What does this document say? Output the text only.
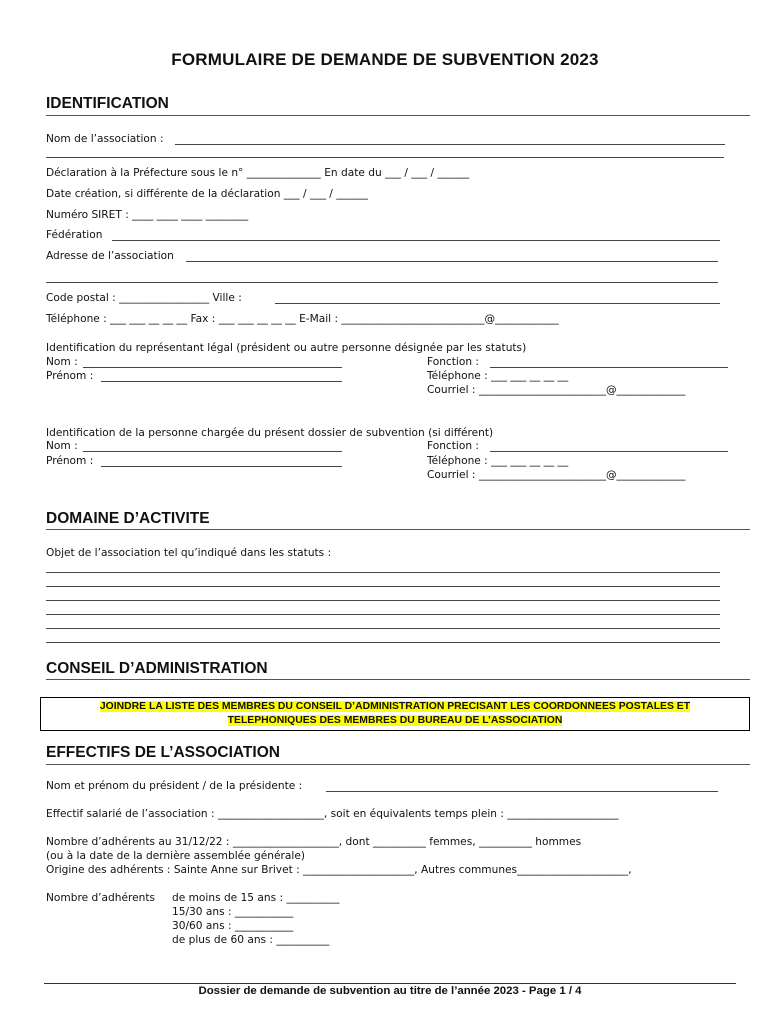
FORMULAIRE DE DEMANDE DE SUBVENTION 2023
IDENTIFICATION
Nom de l’association :
Déclaration à la Préfecture sous le n° ______________ En date du ___ / ___ / ______
Date création, si différente de la déclaration ___ / ___ / ______
Numéro SIRET : ____ ____ ____ ________
Fédération
Adresse de l’association
Code postal : _________________ Ville :
Téléphone : ___ ___ __ __ __ Fax : ___ ___ __ __ __ E-Mail : ___________________________@____________
Identification du représentant légal (président ou autre personne désignée par les statuts)
Nom :
Prénom :
Fonction :
Téléphone : ___ ___ __ __ __
Courriel : ________________________@_____________
Identification de la personne chargée du présent dossier de subvention (si différent)
Nom :
Prénom :
Fonction :
Téléphone : ___ ___ __ __ __
Courriel : ________________________@_____________
DOMAINE D’ACTIVITE
Objet de l’association tel qu’indiqué dans les statuts :
CONSEIL D’ADMINISTRATION
JOINDRE LA LISTE DES MEMBRES DU CONSEIL D’ADMINISTRATION PRECISANT LES COORDONNEES POSTALES ET
TELEPHONIQUES DES MEMBRES DU BUREAU DE L’ASSOCIATION
EFFECTIFS DE L’ASSOCIATION
Nom et prénom du président / de la présidente :
Effectif salarié de l’association : ____________________, soit en équivalents temps plein : _____________________
Nombre d’adhérents au 31/12/22 : ____________________, dont __________ femmes, __________ hommes
(ou à la date de la dernière assemblée générale)
Origine des adhérents : Sainte Anne sur Brivet : _____________________, Autres communes_____________________,
Nombre d’adhérents de moins de 15 ans : __________
15/30 ans : ___________
30/60 ans : ___________
de plus de 60 ans : __________
Dossier de demande de subvention au titre de l’année 2023 - Page 1 / 4
